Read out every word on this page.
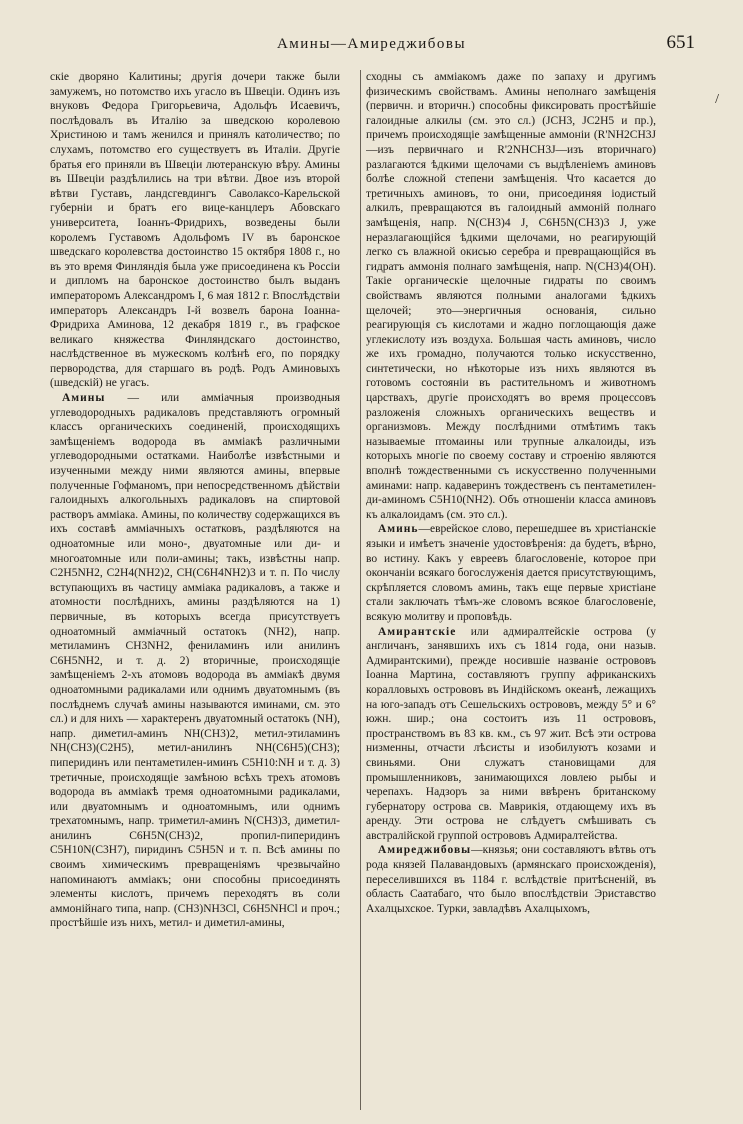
Амины—Амиреджибовы	651
/

скіе дворяно Калитины; другія дочери также были замужемъ, но потомство ихъ угасло въ Швеціи. Одинъ изъ внуковъ Федора Григорьевича, Адольфъ Исаевичъ, послѣдовалъ въ Италію за шведскою королевою Христиною и тамъ женился и принялъ католичество; по слухамъ, потомство его существуетъ въ Италіи. Другіе братья его приняли въ Швеціи лютеранскую вѣру. Амины въ Швеціи раздѣлились на три вѣтви. Двое изъ второй вѣтви Густавъ, ландсгевдингъ Саволаксо-Карельской губерніи и братъ его вице-канцлеръ Абовскаго университета, Іоаннъ-Фридрихъ, возведены были королемъ Густавомъ Адольфомъ IV въ баронское шведскаго королевства достоинство 15 октября 1808 г., но въ это время Финляндія была уже присоединена къ Россіи и дипломъ на баронское достоинство былъ выданъ императоромъ Александромъ I, 6 мая 1812 г. Впослѣдствіи императоръ Александръ I-й возвелъ барона Іоанна-Фридриха Аминова, 12 декабря 1819 г., въ графское великаго княжества Финляндскаго достоинство, наслѣдственное въ мужескомъ колѣнѣ его, по порядку первородства, для старшаго въ родѣ. Родъ Аминовыхъ (шведскій) не угасъ.

Амины — или аммiачныя производныя углеводородныхъ радикаловъ представляютъ огромный классъ органическихъ соединеній, происходящихъ замѣщеніемъ водорода въ аммiакѣ различными углеводородными остатками. Наиболѣе извѣстными и изученными между ними являются амины, впервые полученные Гофманомъ, при непосредственномъ дѣйствіи галоидныхъ алкогольныхъ радикаловъ на спиртовой растворъ аммiака. Амины, по количеству содержащихся въ ихъ составѣ аммiачныхъ остатковъ, раздѣляются на одноатомные или моно-, двуатомные или ди- и многоатомные или поли-амины; такъ, извѣстны напр. C2H5NH2, C2H4(NH2)2, CH(C6H4NH2)3 и т. п. По числу вступающихъ въ частицу аммiака радикаловъ, а также и атомности послѣднихъ, амины раздѣляются на 1) первичные, въ которыхъ всегда присутствуетъ одноатомный аммiачный остатокъ (NH2), напр. метиламинъ CH3NH2, фениламинъ или анилинъ C6H5NH2, и т. д. 2) вторичные, происходящіе замѣщеніемъ 2-хъ атомовъ водорода въ аммiакѣ двумя одноатомными радикалами или однимъ двуатомнымъ (въ послѣднемъ случаѣ амины называются иминами, см. это сл.) и для нихъ — характеренъ двуатомный остатокъ (NH), напр. диметил-аминъ NH(CH3)2, метил-этиламинъ NH(CH3)(C2H5), метил-анилинъ NH(C6H5)(CH3); пиперидинъ или пентаметилен-иминъ C5H10:NH и т. д. 3) третичные, происходящіе замѣною всѣхъ трехъ атомовъ водорода въ аммiакѣ тремя одноатомными радикалами, или двуатомнымъ и одноатомнымъ, или однимъ трехатомнымъ, напр. триметил-аминъ N(CH3)3, диметил-анилинъ C6H5N(CH3)2, пропил-пиперидинъ C5H10N(C3H7), пиридинъ C5H5N и т. п. Всѣ амины по своимъ химическимъ превращеніямъ чрезвычайно напоминаютъ аммiакъ; они способны присоединять элементы кислотъ, причемъ переходятъ въ соли аммонійнаго типа, напр. (CH3)NH3Cl, C6H5NHCl и проч.; простѣйшіе изъ нихъ, метил- и диметил-амины,

сходны съ аммiакомъ даже по запаху и другимъ физическимъ свойствамъ. Амины неполнаго замѣщенія (первичн. и вторичн.) способны фиксировать простѣйшіе галоидные алкилы (см. это сл.) (JCH3, JC2H5 и пр.), причемъ происходящіе замѣщенные аммоніи (R'NH2CH3J—изъ первичнаго и R'2NHCH3J—изъ вторичнаго) разлагаются ѣдкими щелочами съ выдѣленіемъ аминовъ болѣе сложной степени замѣщенія. Что касается до третичныхъ аминовъ, то они, присоединяя іодистый алкилъ, превращаются въ галоидный аммоній полнаго замѣщенія, напр. N(CH3)4 J, C6H5N(CH3)3 J, уже неразлагающійся ѣдкими щелочами, но реагирующій легко съ влажной окисью серебра и превращающійся въ гидратъ аммонія полнаго замѣщенія, напр. N(CH3)4(OH). Такіе органическіе щелочные гидраты по своимъ свойствамъ являются полными аналогами ѣдкихъ щелочей; это—энергичныя основанія, сильно реагирующія съ кислотами и жадно поглощающія даже углекислоту изъ воздуха. Большая часть аминовъ, число же ихъ громадно, получаются только искусственно, синтетически, но нѣкоторые изъ нихъ являются въ готовомъ состояніи въ растительномъ и животномъ царствахъ, другіе происходятъ во время процессовъ разложенія сложныхъ органическихъ веществъ и организмовъ. Между послѣдними отмѣтимъ такъ называемые птомаины или трупные алкалоиды, изъ которыхъ многіе по своему составу и строенію являются вполнѣ тождественными съ искусственно полученными аминами: напр. кадаверинъ тождественъ съ пентаметилен-ди-аминомъ C5H10(NH2). Объ отношеніи класса аминовъ къ алкалоидамъ (см. это сл.).

Аминь—еврейское слово, перешедшее въ христіанскіе языки и имѣетъ значеніе удостовѣренія: да будетъ, вѣрно, во истину. Какъ у евреевъ благословеніе, которое при окончаніи всякаго богослуженія дается присутствующимъ, скрѣпляется словомъ аминь, такъ еще первые христіане стали заключать тѣмъ-же словомъ всякое благословеніе, всякую молитву и проповѣдь.

Амирантскіе или адмиралтейскіе острова (у англичанъ, занявшихъ ихъ съ 1814 года, они назыв. Адмирантскими), прежде носившіе названіе острововъ Іоанна Мартина, составляютъ группу африканскихъ коралловыхъ острововъ въ Индійскомъ океанѣ, лежащихъ на юго-западъ отъ Сешельскихъ острововъ, между 5° и 6° южн. шир.; она состоитъ изъ 11 острововъ, пространствомъ въ 83 кв. км., съ 97 жит. Всѣ эти острова низменны, отчасти лѣсисты и изобилуютъ козами и свиньями. Они служатъ становищами для промышленниковъ, занимающихся ловлею рыбы и черепахъ. Надзоръ за ними ввѣренъ британскому губернатору острова св. Маврикія, отдающему ихъ въ аренду. Эти острова не слѣдуетъ смѣшивать съ австралійской группой острововъ Адмиралтейства.

Амиреджибовы—князья; они составляютъ вѣтвь отъ рода князей Палавандовыхъ (армянскаго происхожденія), переселившихся въ 1184 г. вслѣдствіе притѣсненій, въ область Саатабаго, что было впослѣдствіи Эриставство Ахалцыхское. Турки, завладѣвъ Ахалцыхомъ,
